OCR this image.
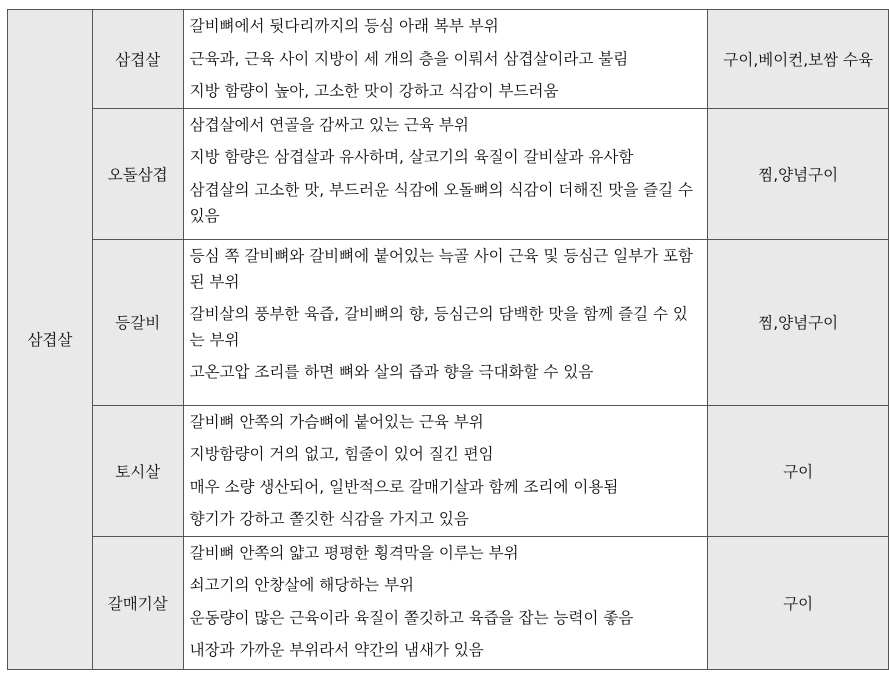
삼겹살	삼겹살	갈비뼈에서 뒷다리까지의 등심 아래 복부 부위
근육과, 근육 사이 지방이 세 개의 층을 이뤄서 삼겹살이라고 불림
지방 함량이 높아, 고소한 맛이 강하고 식감이 부드러움	구이,베이컨,보쌈 수육
	오돌삼겹	삼겹살에서 연골을 감싸고 있는 근육 부위
지방 함량은 삼겹살과 유사하며, 살코기의 육질이 갈비살과 유사함
삼겹살의 고소한 맛, 부드러운 식감에 오돌뼈의 식감이 더해진 맛을 즐길 수 있음	찜,양념구이
	등갈비	등심 쪽 갈비뼈와 갈비뼈에 붙어있는 늑골 사이 근육 및 등심근 일부가 포함된 부위
갈비살의 풍부한 육즙, 갈비뼈의 향, 등심근의 담백한 맛을 함께 즐길 수 있는 부위
고온고압 조리를 하면 뼈와 살의 즙과 향을 극대화할 수 있음	찜,양념구이
	토시살	갈비뼈 안쪽의 가슴뼈에 붙어있는 근육 부위
지방함량이 거의 없고, 힘줄이 있어 질긴 편임
매우 소량 생산되어, 일반적으로 갈매기살과 함께 조리에 이용됨
향기가 강하고 쫄깃한 식감을 가지고 있음	구이
	갈매기살	갈비뼈 안쪽의 얇고 평평한 횡격막을 이루는 부위
쇠고기의 안창살에 해당하는 부위
운동량이 많은 근육이라 육질이 쫄깃하고 육즙을 잡는 능력이 좋음
내장과 가까운 부위라서 약간의 냄새가 있음	구이
